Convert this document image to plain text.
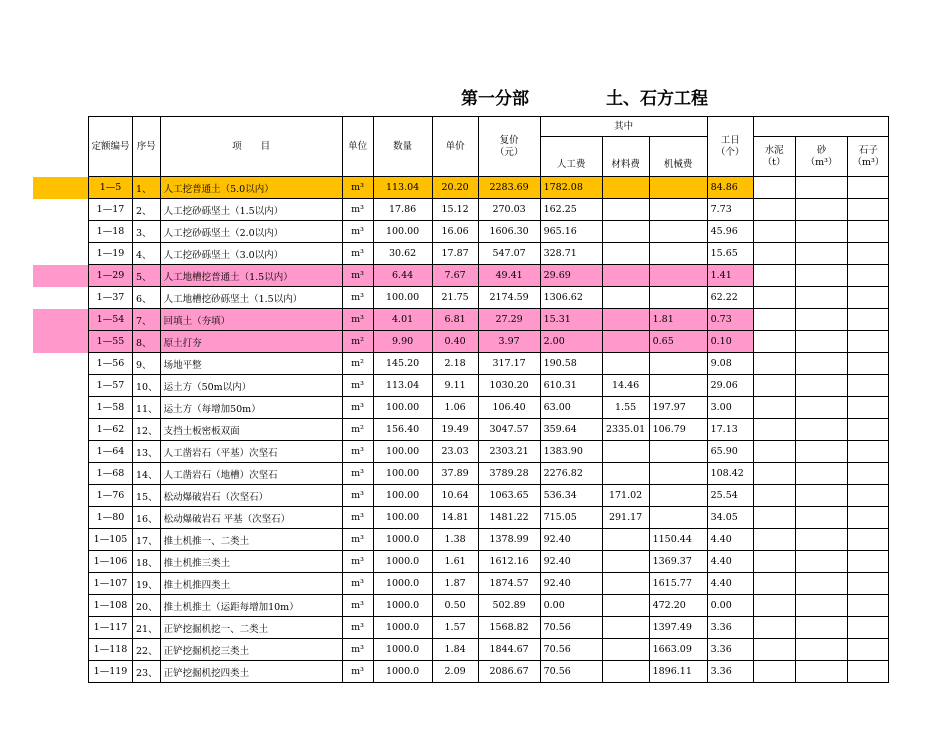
第一分部	土、石方工程
定额编号	序号	项　　目	单位	数量	单价	复价（元）	其中			工日（个）			
							人工费	材料费	机械费		水泥（t）	砂（m³）	石子（m³）
1—5	1、	人工挖普通土（5.0以内）	m³	113.04	20.20	2283.69	1782.08			84.86			
1—17	2、	人工挖砂砾坚土（1.5以内）	m³	17.86	15.12	270.03	162.25			7.73			
1—18	3、	人工挖砂砾坚土（2.0以内）	m³	100.00	16.06	1606.30	965.16			45.96			
1—19	4、	人工挖砂砾坚土（3.0以内）	m³	30.62	17.87	547.07	328.71			15.65			
1—29	5、	人工地槽挖普通土（1.5以内）	m³	6.44	7.67	49.41	29.69			1.41			
1—37	6、	人工地槽挖砂砾坚土（1.5以内）	m³	100.00	21.75	2174.59	1306.62			62.22			
1—54	7、	回填土（夯填）	m³	4.01	6.81	27.29	15.31		1.81	0.73			
1—55	8、	原土打夯	m²	9.90	0.40	3.97	2.00		0.65	0.10			
1—56	9、	场地平整	m²	145.20	2.18	317.17	190.58			9.08			
1—57	10、	运土方（50m以内）	m³	113.04	9.11	1030.20	610.31	14.46		29.06			
1—58	11、	运土方（每增加50m）	m³	100.00	1.06	106.40	63.00	1.55	197.97	3.00			
1—62	12、	支挡土板密板双面	m²	156.40	19.49	3047.57	359.64	2335.01	106.79	17.13			
1—64	13、	人工凿岩石（平基）次坚石	m³	100.00	23.03	2303.21	1383.90			65.90			
1—68	14、	人工凿岩石（地槽）次坚石	m³	100.00	37.89	3789.28	2276.82			108.42			
1—76	15、	松动爆破岩石（次坚石）	m³	100.00	10.64	1063.65	536.34	171.02		25.54			
1—80	16、	松动爆破岩石 平基（次坚石）	m³	100.00	14.81	1481.22	715.05	291.17		34.05			
1—105	17、	推土机推一、二类土	m³	1000.0	1.38	1378.99	92.40		1150.44	4.40			
1—106	18、	推土机推三类土	m³	1000.0	1.61	1612.16	92.40		1369.37	4.40			
1—107	19、	推土机推四类土	m³	1000.0	1.87	1874.57	92.40		1615.77	4.40			
1—108	20、	推土机推土（运距每增加10m）	m³	1000.0	0.50	502.89	0.00		472.20	0.00			
1—117	21、	正铲挖掘机挖一、二类土	m³	1000.0	1.57	1568.82	70.56		1397.49	3.36			
1—118	22、	正铲挖掘机挖三类土	m³	1000.0	1.84	1844.67	70.56		1663.09	3.36			
1—119	23、	正铲挖掘机挖四类土	m³	1000.0	2.09	2086.67	70.56		1896.11	3.36			
